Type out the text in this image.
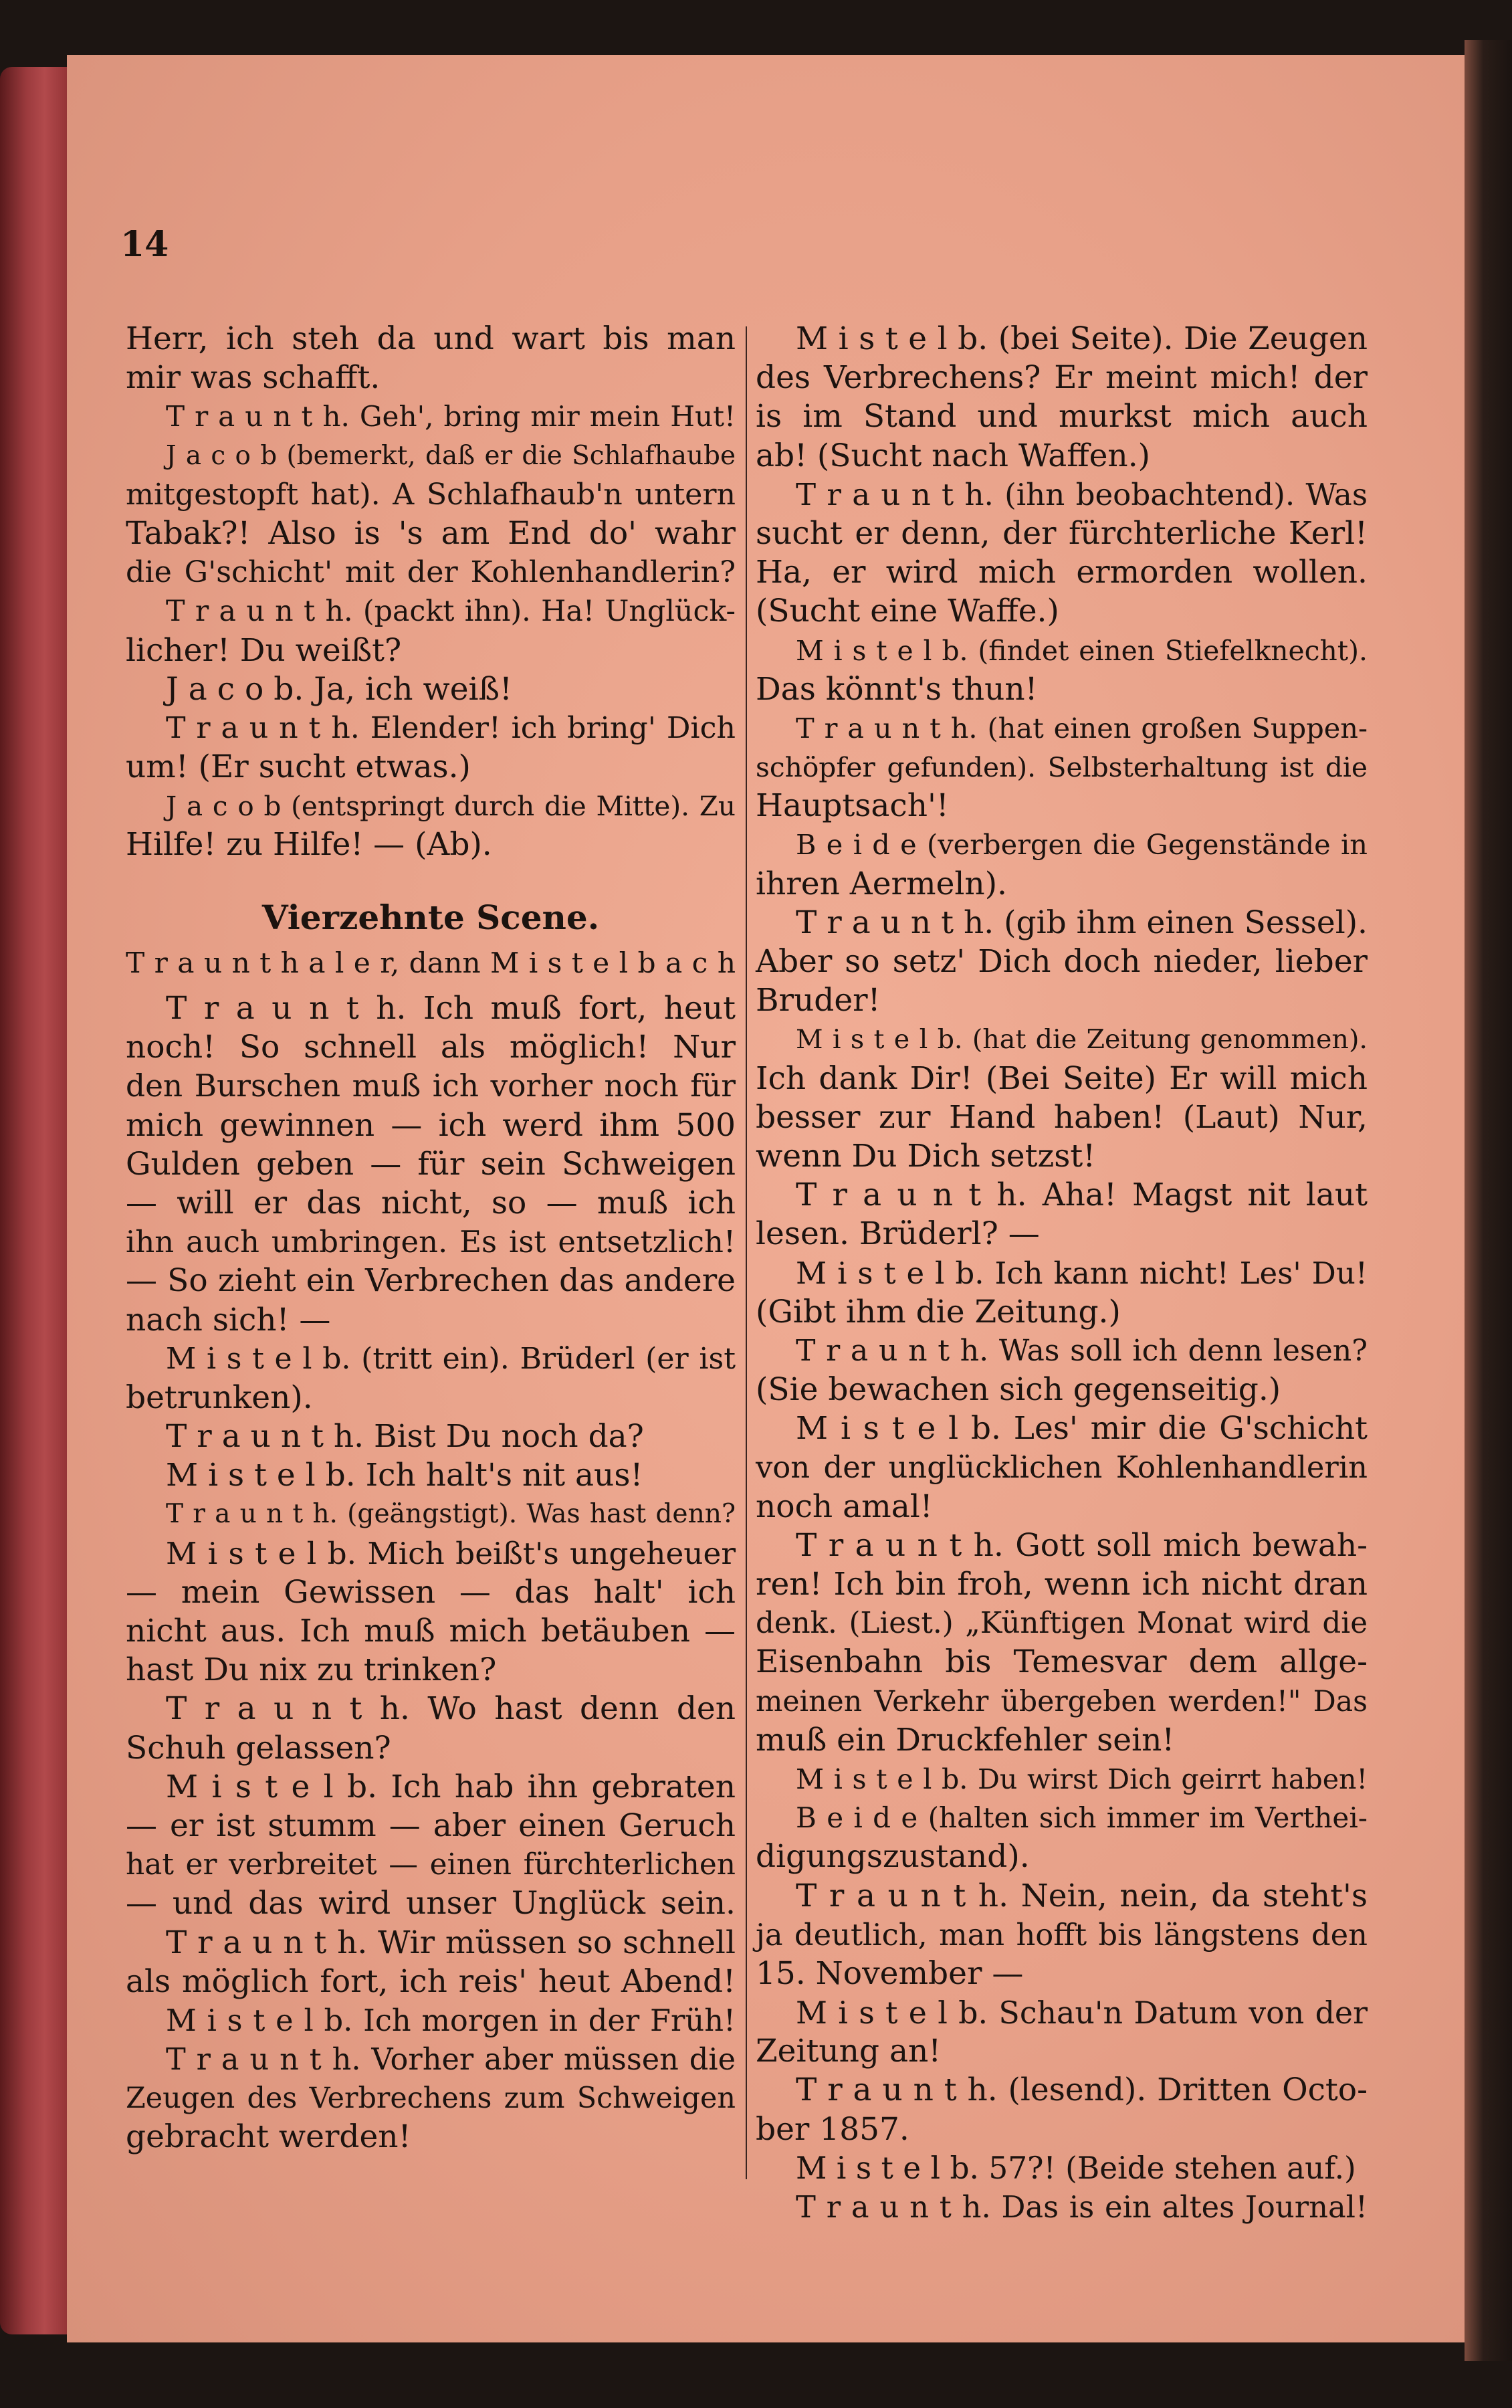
14
Herr, ich steh da und wart bis man
mir was schafft.
T r a u n t h. Geh', bring mir mein Hut!
J a c o b (bemerkt, daß er die Schlafhaube
mitgestopft hat). A Schlafhaub'n untern
Tabak?! Also is 's am End do' wahr
die G'schicht' mit der Kohlenhandlerin?
T r a u n t h. (packt ihn). Ha! Unglück-
licher! Du weißt?
J a c o b. Ja, ich weiß!
T r a u n t h. Elender! ich bring' Dich
um! (Er sucht etwas.)
J a c o b (entspringt durch die Mitte). Zu
Hilfe! zu Hilfe! — (Ab).
Vierzehnte Scene.
T r a u n t h a l e r, dann M i s t e l b a c h
T r a u n t h. Ich muß fort, heut
noch! So schnell als möglich! Nur
den Burschen muß ich vorher noch für
mich gewinnen — ich werd ihm 500
Gulden geben — für sein Schweigen
— will er das nicht, so — muß ich
ihn auch umbringen. Es ist entsetzlich!
— So zieht ein Verbrechen das andere
nach sich! —
M i s t e l b. (tritt ein). Brüderl (er ist
betrunken).
T r a u n t h. Bist Du noch da?
M i s t e l b. Ich halt's nit aus!
T r a u n t h. (geängstigt). Was hast denn?
M i s t e l b. Mich beißt's ungeheuer
— mein Gewissen — das halt' ich
nicht aus. Ich muß mich betäuben —
hast Du nix zu trinken?
T r a u n t h. Wo hast denn den
Schuh gelassen?
M i s t e l b. Ich hab ihn gebraten
— er ist stumm — aber einen Geruch
hat er verbreitet — einen fürchterlichen
— und das wird unser Unglück sein.
T r a u n t h. Wir müssen so schnell
als möglich fort, ich reis' heut Abend!
M i s t e l b. Ich morgen in der Früh!
T r a u n t h. Vorher aber müssen die
Zeugen des Verbrechens zum Schweigen
gebracht werden!
M i s t e l b. (bei Seite). Die Zeugen
des Verbrechens? Er meint mich! der
is im Stand und murkst mich auch
ab! (Sucht nach Waffen.)
T r a u n t h. (ihn beobachtend). Was
sucht er denn, der fürchterliche Kerl!
Ha, er wird mich ermorden wollen.
(Sucht eine Waffe.)
M i s t e l b. (findet einen Stiefelknecht).
Das könnt's thun!
T r a u n t h. (hat einen großen Suppen-
schöpfer gefunden). Selbsterhaltung ist die
Hauptsach'!
B e i d e (verbergen die Gegenstände in
ihren Aermeln).
T r a u n t h. (gib ihm einen Sessel).
Aber so setz' Dich doch nieder, lieber
Bruder!
M i s t e l b. (hat die Zeitung genommen).
Ich dank Dir! (Bei Seite) Er will mich
besser zur Hand haben! (Laut) Nur,
wenn Du Dich setzst!
T r a u n t h. Aha! Magst nit laut
lesen. Brüderl? —
M i s t e l b. Ich kann nicht! Les' Du!
(Gibt ihm die Zeitung.)
T r a u n t h. Was soll ich denn lesen?
(Sie bewachen sich gegenseitig.)
M i s t e l b. Les' mir die G'schicht
von der unglücklichen Kohlenhandlerin
noch amal!
T r a u n t h. Gott soll mich bewah-
ren! Ich bin froh, wenn ich nicht dran
denk. (Liest.) „Künftigen Monat wird die
Eisenbahn bis Temesvar dem allge-
meinen Verkehr übergeben werden!" Das
muß ein Druckfehler sein!
M i s t e l b. Du wirst Dich geirrt haben!
B e i d e (halten sich immer im Verthei-
digungszustand).
T r a u n t h. Nein, nein, da steht's
ja deutlich, man hofft bis längstens den
15. November —
M i s t e l b. Schau'n Datum von der
Zeitung an!
T r a u n t h. (lesend). Dritten Octo-
ber 1857.
M i s t e l b. 57?! (Beide stehen auf.)
T r a u n t h. Das is ein altes Journal!
